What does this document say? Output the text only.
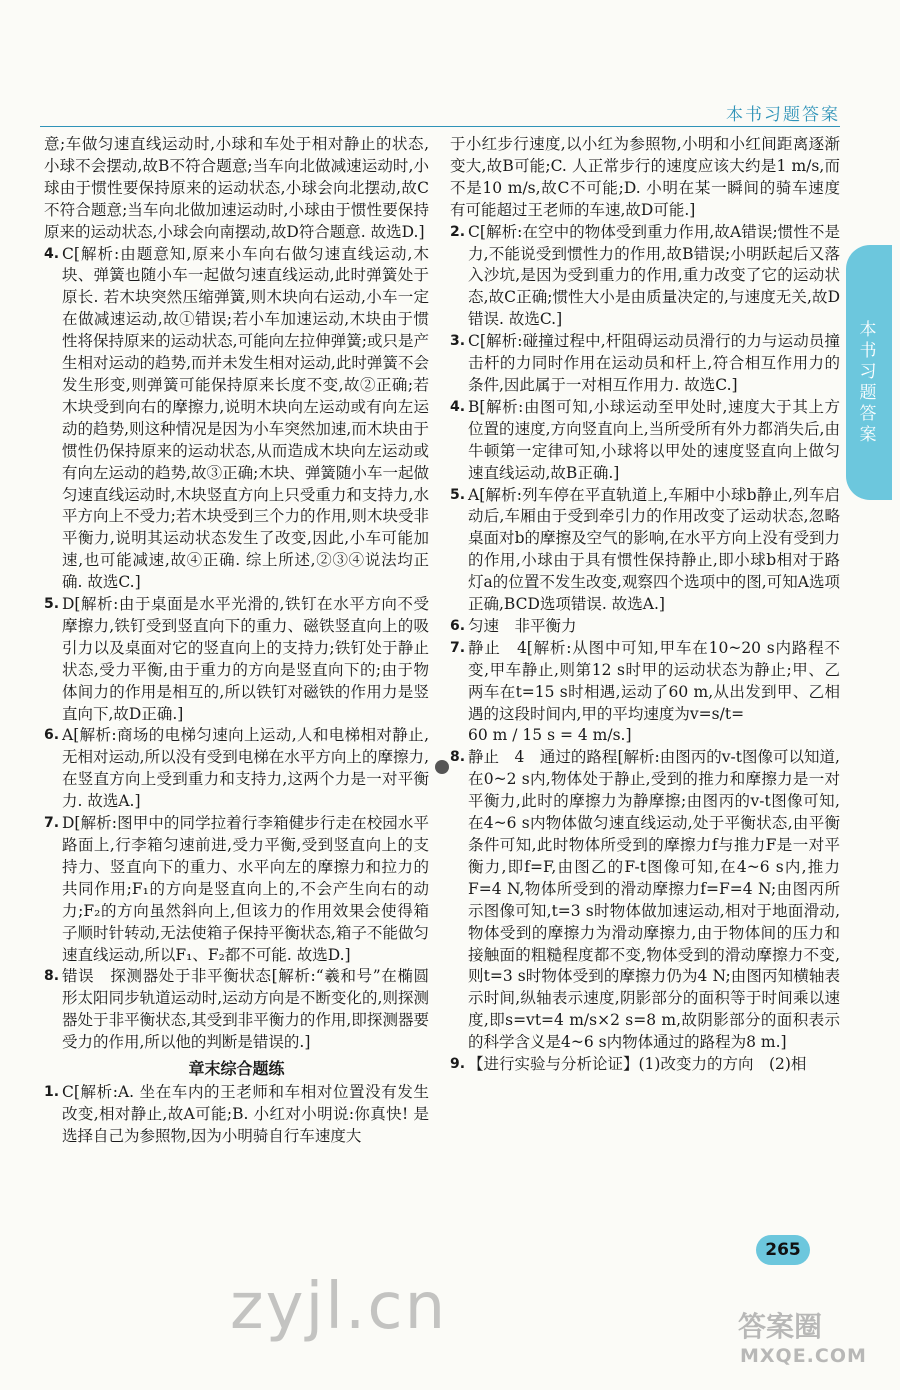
本书习题答案
本书习题答案

意;车做匀速直线运动时,小球和车处于相对静止的状态,小球不会摆动,故B不符合题意;当车向北做减速运动时,小球由于惯性要保持原来的运动状态,小球会向北摆动,故C不符合题意;当车向北做加速运动时,小球由于惯性要保持原来的运动状态,小球会向南摆动,故D符合题意. 故选D.]

4. C[解析:由题意知,原来小车向右做匀速直线运动,木块、弹簧也随小车一起做匀速直线运动,此时弹簧处于原长. 若木块突然压缩弹簧,则木块向右运动,小车一定在做减速运动,故①错误;若小车加速运动,木块由于惯性将保持原来的运动状态,可能向左拉伸弹簧;或只是产生相对运动的趋势,而并未发生相对运动,此时弹簧不会发生形变,则弹簧可能保持原来长度不变,故②正确;若木块受到向右的摩擦力,说明木块向左运动或有向左运动的趋势,则这种情况是因为小车突然加速,而木块由于惯性仍保持原来的运动状态,从而造成木块向左运动或有向左运动的趋势,故③正确;木块、弹簧随小车一起做匀速直线运动时,木块竖直方向上只受重力和支持力,水平方向上不受力;若木块受到三个力的作用,则木块受非平衡力,说明其运动状态发生了改变,因此,小车可能加速,也可能减速,故④正确. 综上所述,②③④说法均正确. 故选C.]
5. D[解析:由于桌面是水平光滑的,铁钉在水平方向不受摩擦力,铁钉受到竖直向下的重力、磁铁竖直向上的吸引力以及桌面对它的竖直向上的支持力;铁钉处于静止状态,受力平衡,由于重力的方向是竖直向下的;由于物体间力的作用是相互的,所以铁钉对磁铁的作用力是竖直向下,故D正确.]
6. A[解析:商场的电梯匀速向上运动,人和电梯相对静止,无相对运动,所以没有受到电梯在水平方向上的摩擦力,在竖直方向上受到重力和支持力,这两个力是一对平衡力. 故选A.]
7. D[解析:图甲中的同学拉着行李箱健步行走在校园水平路面上,行李箱匀速前进,受力平衡,受到竖直向上的支持力、竖直向下的重力、水平向左的摩擦力和拉力的共同作用;F₁的方向是竖直向上的,不会产生向右的动力;F₂的方向虽然斜向上,但该力的作用效果会使得箱子顺时针转动,无法使箱子保持平衡状态,箱子不能做匀速直线运动,所以F₁、F₂都不可能. 故选D.]
8. 错误　探测器处于非平衡状态[解析:“羲和号”在椭圆形太阳同步轨道运动时,运动方向是不断变化的,则探测器处于非平衡状态,其受到非平衡力的作用,即探测器要受力的作用,所以他的判断是错误的.]
章末综合题练
1. C[解析:A. 坐在车内的王老师和车相对位置没有发生改变,相对静止,故A可能;B. 小红对小明说:你真快! 是选择自己为参照物,因为小明骑自行车速度大

于小红步行速度,以小红为参照物,小明和小红间距离逐渐变大,故B可能;C. 人正常步行的速度应该大约是1 m/s,而不是10 m/s,故C不可能;D. 小明在某一瞬间的骑车速度有可能超过王老师的车速,故D可能.]

2. C[解析:在空中的物体受到重力作用,故A错误;惯性不是力,不能说受到惯性力的作用,故B错误;小明跃起后又落入沙坑,是因为受到重力的作用,重力改变了它的运动状态,故C正确;惯性大小是由质量决定的,与速度无关,故D错误. 故选C.]
3. C[解析:碰撞过程中,杆阻碍运动员滑行的力与运动员撞击杆的力同时作用在运动员和杆上,符合相互作用力的条件,因此属于一对相互作用力. 故选C.]
4. B[解析:由图可知,小球运动至甲处时,速度大于其上方位置的速度,方向竖直向上,当所受所有外力都消失后,由牛顿第一定律可知,小球将以甲处的速度竖直向上做匀速直线运动,故B正确.]
5. A[解析:列车停在平直轨道上,车厢中小球b静止,列车启动后,车厢由于受到牵引力的作用改变了运动状态,忽略桌面对b的摩擦及空气的影响,在水平方向上没有受到力的作用,小球由于具有惯性保持静止,即小球b相对于路灯a的位置不发生改变,观察四个选项中的图,可知A选项正确,BCD选项错误. 故选A.]
6. 匀速　非平衡力
7. 静止　4[解析:从图中可知,甲车在10~20 s内路程不变,甲车静止,则第12 s时甲的运动状态为静止;甲、乙两车在t=15 s时相遇,运动了60 m,从出发到甲、乙相遇的这段时间内,甲的平均速度为v=s/t=

60 m / 15 s = 4 m/s.]

8. 静止　4　通过的路程[解析:由图丙的v-t图像可以知道,在0~2 s内,物体处于静止,受到的推力和摩擦力是一对平衡力,此时的摩擦力为静摩擦;由图丙的v-t图像可知,在4~6 s内物体做匀速直线运动,处于平衡状态,由平衡条件可知,此时物体所受到的摩擦力f与推力F是一对平衡力,即f=F,由图乙的F-t图像可知,在4~6 s内,推力F=4 N,物体所受到的滑动摩擦力f=F=4 N;由图丙所示图像可知,t=3 s时物体做加速运动,相对于地面滑动,物体受到的摩擦力为滑动摩擦力,由于物体间的压力和接触面的粗糙程度都不变,物体受到的滑动摩擦力不变,则t=3 s时物体受到的摩擦力仍为4 N;由图丙知横轴表示时间,纵轴表示速度,阴影部分的面积等于时间乘以速度,即s=vt=4 m/s×2 s=8 m,故阴影部分的面积表示的科学含义是4~6 s内物体通过的路程为8 m.]
9. 【进行实验与分析论证】(1)改变力的方向　(2)相
265
zyjl.cn	答案圈
MXQE.COM
